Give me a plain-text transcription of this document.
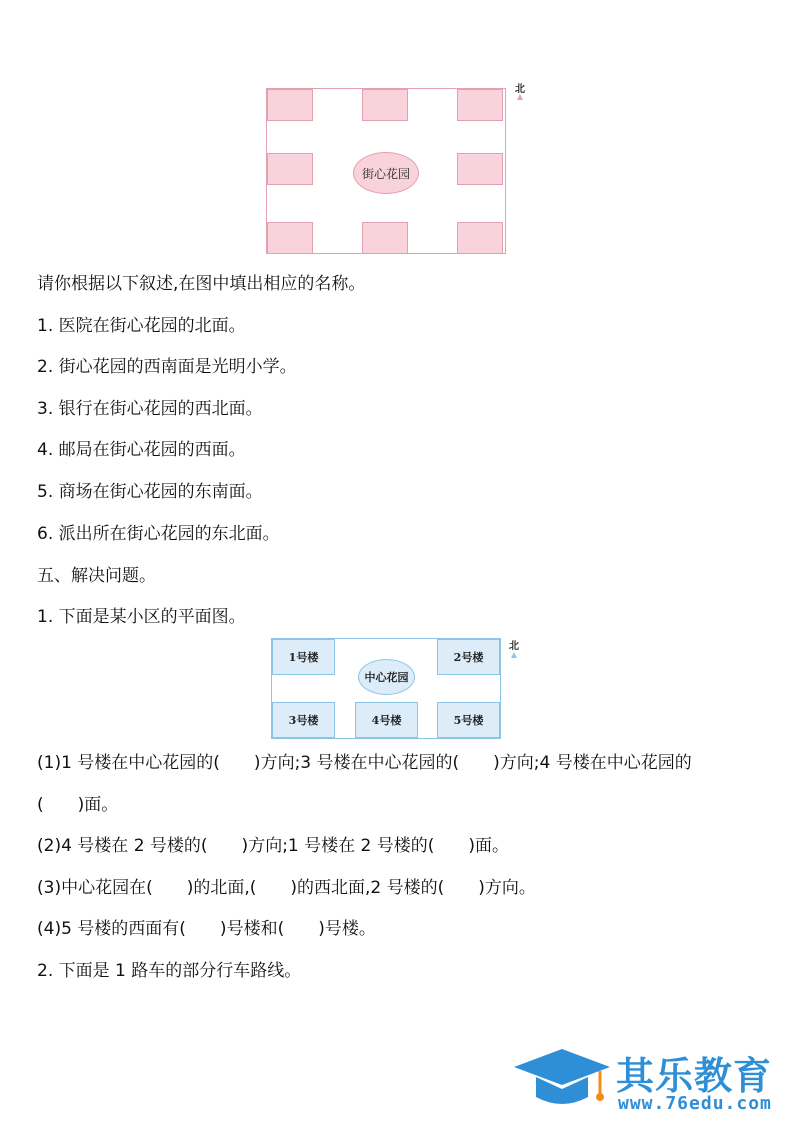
街心花园
北
请你根据以下叙述,在图中填出相应的名称。
1. 医院在街心花园的北面。
2. 街心花园的西南面是光明小学。
3. 银行在街心花园的西北面。
4. 邮局在街心花园的西面。
5. 商场在街心花园的东南面。
6. 派出所在街心花园的东北面。
五、解决问题。
1. 下面是某小区的平面图。
1号楼	2号楼
3号楼	4号楼	5号楼
中心花园
北
(1)1 号楼在中心花园的(　　)方向;3 号楼在中心花园的(　　)方向;4 号楼在中心花园的
(　　)面。
(2)4 号楼在 2 号楼的(　　)方向;1 号楼在 2 号楼的(　　)面。
(3)中心花园在(　　)的北面,(　　)的西北面,2 号楼的(　　)方向。
(4)5 号楼的西面有(　　)号楼和(　　)号楼。
2. 下面是 1 路车的部分行车路线。
其乐教育
www.76edu.com
